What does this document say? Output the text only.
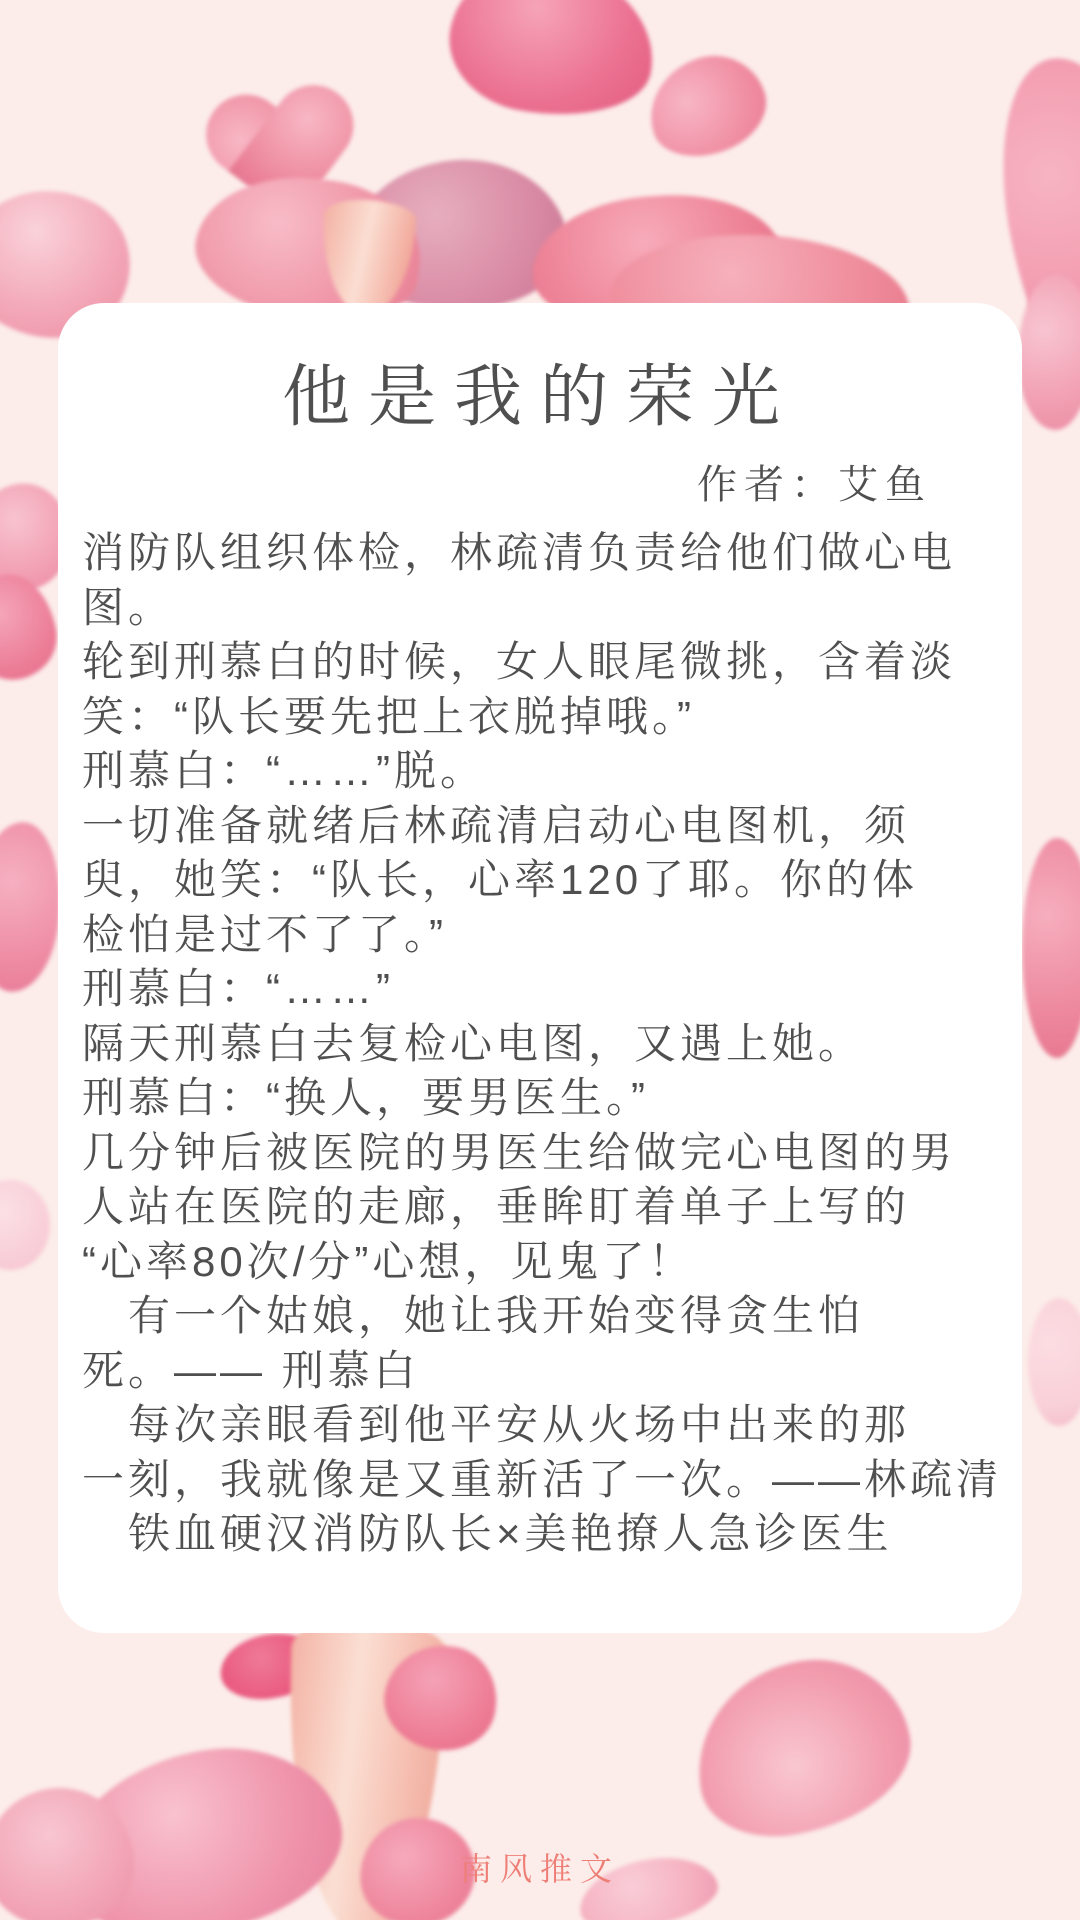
他是我的荣光
作者：艾鱼
消防队组织体检，林疏清负责给他们做心电
图。
轮到刑慕白的时候，女人眼尾微挑，含着淡
笑：“队长要先把上衣脱掉哦。”
刑慕白：“……”脱。
一切准备就绪后林疏清启动心电图机，须
臾，她笑：“队长，心率120了耶。你的体
检怕是过不了了。”
刑慕白：“……”
隔天刑慕白去复检心电图，又遇上她。
刑慕白：“换人，要男医生。”
几分钟后被医院的男医生给做完心电图的男
人站在医院的走廊，垂眸盯着单子上写的
“心率80次/分”心想，见鬼了！
　有一个姑娘，她让我开始变得贪生怕
死。—— 刑慕白
　每次亲眼看到他平安从火场中出来的那
一刻，我就像是又重新活了一次。——林疏清
　铁血硬汉消防队长×美艳撩人急诊医生
南风推文
